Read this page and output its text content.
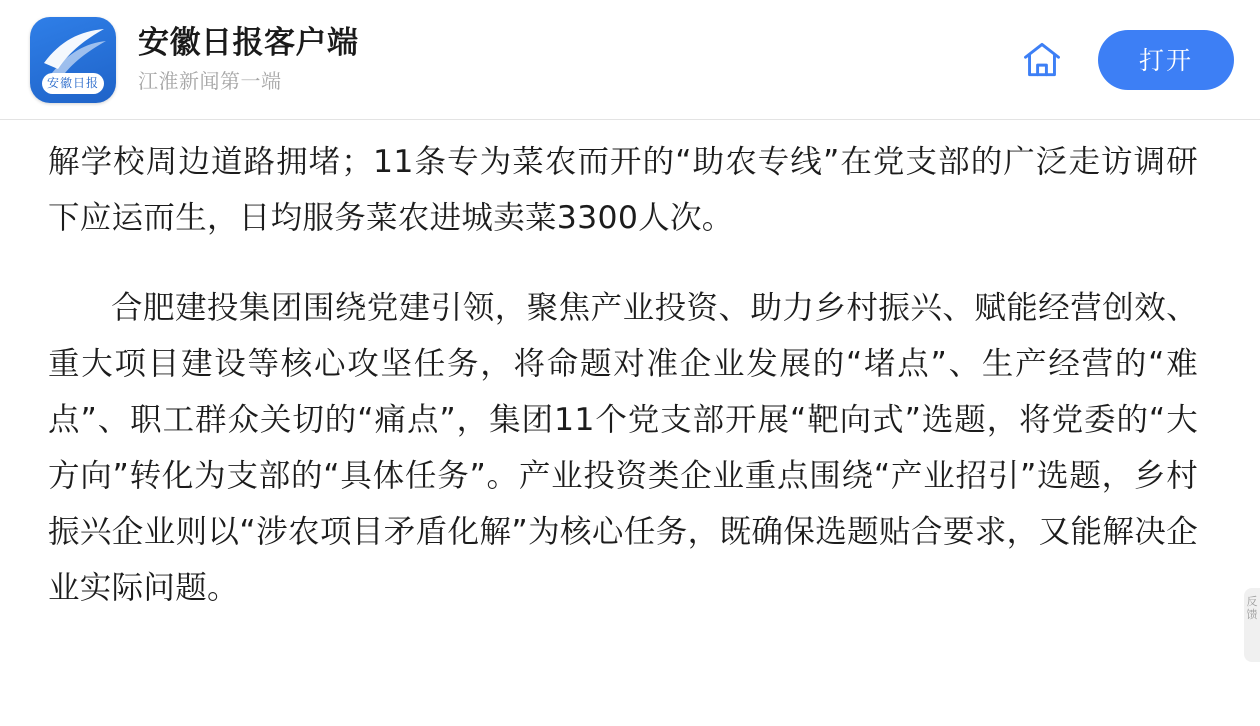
安徽日报
安徽日报客户端
江淮新闻第一端
打开

解学校周边道路拥堵；11条专为菜农而开的“助农专线”在党支部的广泛走访调研下应运而生，日均服务菜农进城卖菜3300人次。

合肥建投集团围绕党建引领，聚焦产业投资、助力乡村振兴、赋能经营创效、重大项目建设等核心攻坚任务，将命题对准企业发展的“堵点”、生产经营的“难点”、职工群众关切的“痛点”，集团11个党支部开展“靶向式”选题，将党委的“大方向”转化为支部的“具体任务”。产业投资类企业重点围绕“产业招引”选题，乡村振兴企业则以“涉农项目矛盾化解”为核心任务，既确保选题贴合要求，又能解决企业实际问题。	反馈
